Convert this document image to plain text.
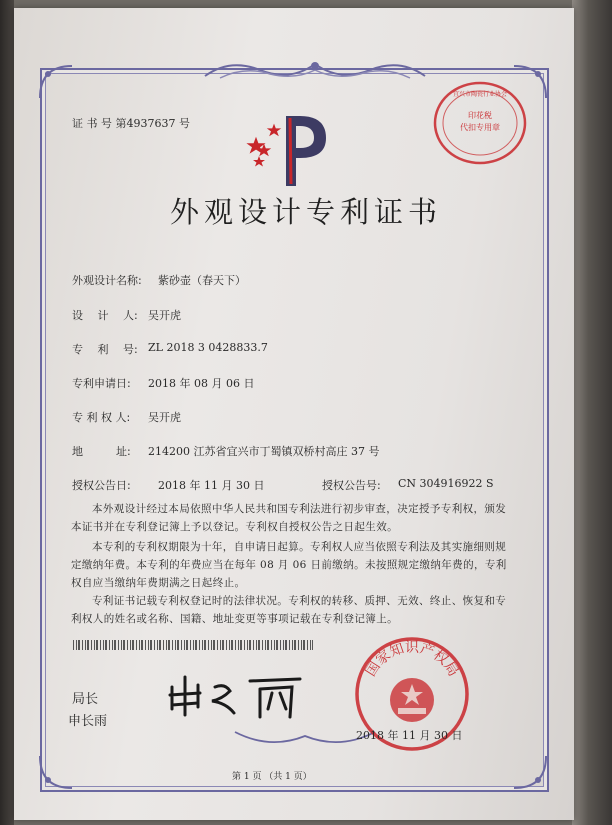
证 书 号 第4937637 号
印花税
代扣专用章
宜兴市陶瓷行业协会
外观设计专利证书
外观设计名称: 紫砂壶（春天下）
设　 计 　人: 吴开虎
专　 利 　号: ZL 2018 3 0428833.7
专利申请日: 2018 年 08 月 06 日
专 利 权 人: 吴开虎
地　　　址: 214200 江苏省宜兴市丁蜀镇双桥村高庄 37 号
授权公告日: 2018 年 11 月 30 日	授权公告号: CN 304916922 S
本外观设计经过本局依照中华人民共和国专利法进行初步审查，决定授予专利权，颁发本证书并在专利登记簿上予以登记。专利权自授权公告之日起生效。
本专利的专利权期限为十年，自申请日起算。专利权人应当依照专利法及其实施细则规定缴纳年费。本专利的年费应当在每年 08 月 06 日前缴纳。未按照规定缴纳年费的，专利权自应当缴纳年费期满之日起终止。
专利证书记载专利权登记时的法律状况。专利权的转移、质押、无效、终止、恢复和专利权人的姓名或名称、国籍、地址变更等事项记载在专利登记簿上。
局长
申长雨
国家知识产权局
2018 年 11 月 30 日
第 1 页 （共 1 页）
